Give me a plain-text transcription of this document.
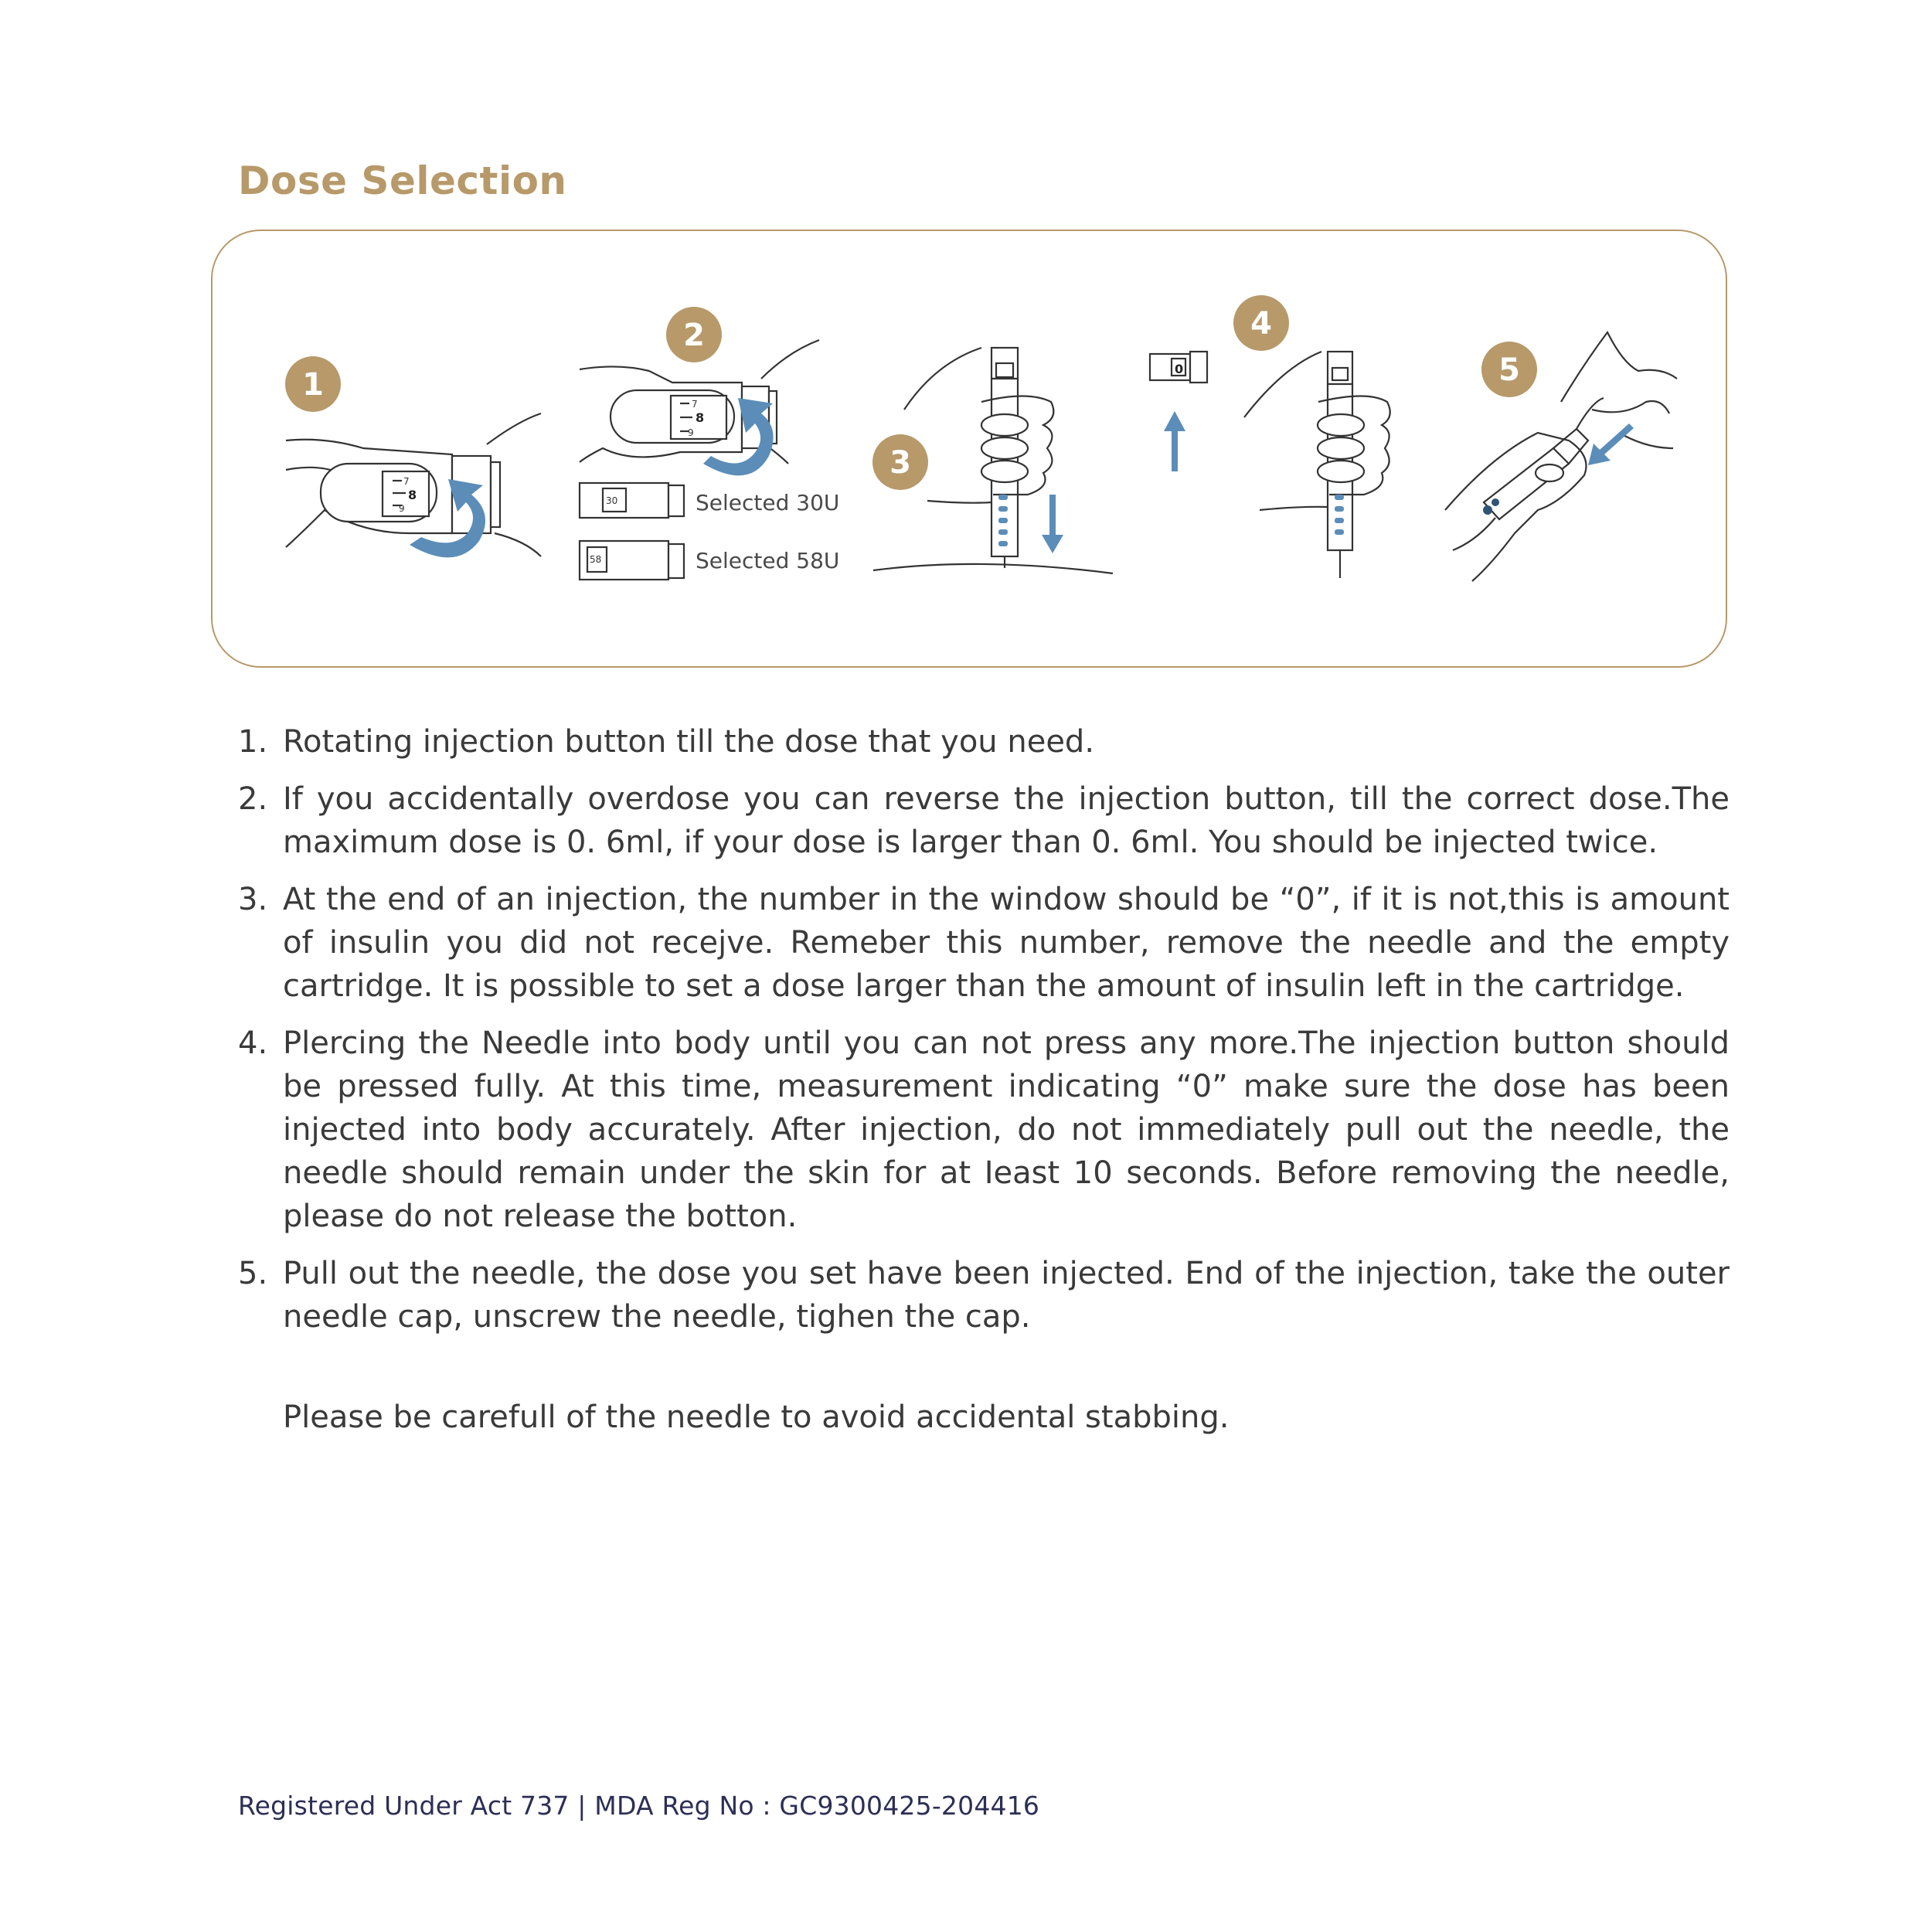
Dose Selection
7
8
9
7
8
9
30
58
Selected 30U
Selected 58U
0
1
2
3
4
5
1. Rotating injection button till the dose that you need.
2. If you accidentally overdose you can reverse the injection button, till the correct dose.The maximum dose is 0. 6ml, if your dose is larger than 0. 6ml. You should be injected twice.
3. At the end of an injection, the number in the window should be “0”, if it is not,this is amount of insulin you did not recejve. Remeber this number, remove the needle and the empty cartridge. It is possible to set a dose larger than the amount of insulin left in the cartridge.
4. Plercing the Needle into body until you can not press any more.The injection button should be pressed fully. At this time, measurement indicating “0” make sure the dose has been injected into body accurately. After injection, do not immediately pull out the needle, the needle should remain under the skin for at Ieast 10 seconds. Before removing the needle, please do not release the botton.
5. Pull out the needle, the dose you set have been injected. End of the injection, take the outer needle cap, unscrew the needle, tighen the cap.
Please be carefull of the needle to avoid accidental stabbing.
Registered Under Act 737 | MDA Reg No : GC9300425-204416
